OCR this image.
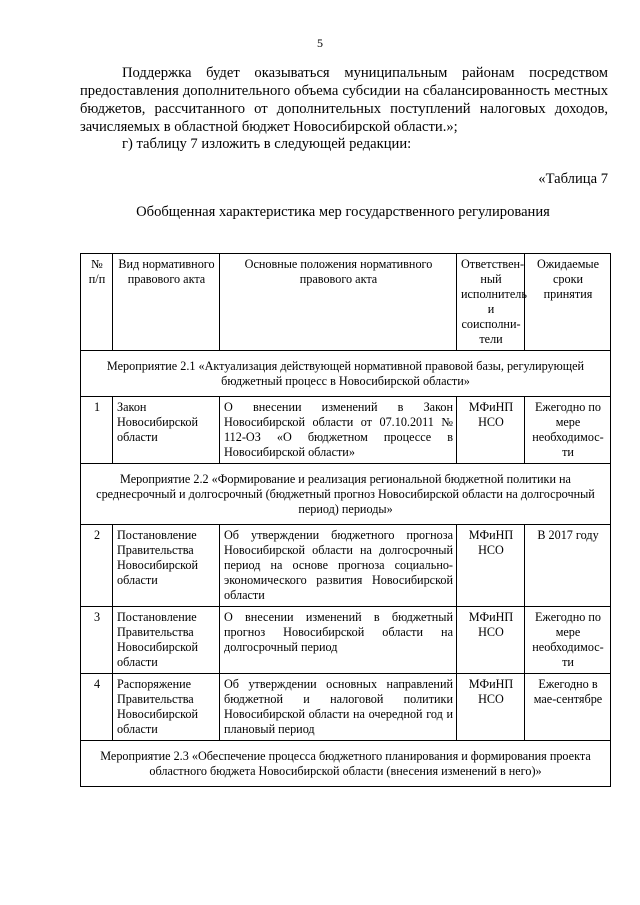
5
Поддержка будет оказываться муниципальным районам посредством предоставления дополнительного объема субсидии на сбалансированность местных бюджетов, рассчитанного от дополнительных поступлений налоговых доходов, зачисляемых в областной бюджет Новосибирской области.»;
г) таблицу 7 изложить в следующей редакции:
«Таблица 7
Обобщенная характеристика мер государственного регулирования
№ п/п	Вид нормативного правового акта	Основные положения нормативного правового акта	Ответствен-ный исполнитель и соисполни-тели	Ожидаемые сроки принятия
Мероприятие 2.1 «Актуализация действующей нормативной правовой базы, регулирующей бюджетный процесс в Новосибирской области»				
1	Закон Новосибирской области	О внесении изменений в Закон Новосибирской области от 07.10.2011 № 112-ОЗ «О бюджетном процессе в Новосибирской области»	МФиНП НСО	Ежегодно по мере необходимос-ти
Мероприятие 2.2 «Формирование и реализация региональной бюджетной политики на среднесрочный и долгосрочный (бюджетный прогноз Новосибирской области на долгосрочный период) периоды»				
2	Постановление Правительства Новосибирской области	Об утверждении бюджетного прогноза Новосибирской области на долгосрочный период на основе прогноза социально-экономического развития Новосибирской области	МФиНП НСО	В 2017 году
3	Постановление Правительства Новосибирской области	О внесении изменений в бюджетный прогноз Новосибирской области на долгосрочный период	МФиНП НСО	Ежегодно по мере необходимос-ти
4	Распоряжение Правительства Новосибирской области	Об утверждении основных направлений бюджетной и налоговой политики Новосибирской области на очередной год и плановый период	МФиНП НСО	Ежегодно в мае-сентябре
Мероприятие 2.3 «Обеспечение процесса бюджетного планирования и формирования проекта областного бюджета Новосибирской области (внесения изменений в него)»				
